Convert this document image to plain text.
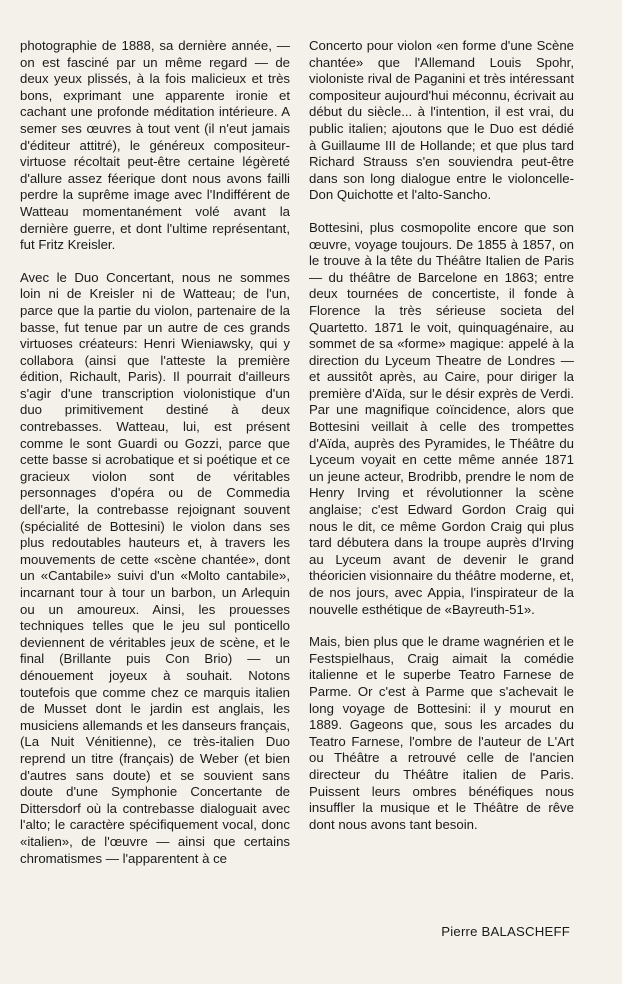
photographie de 1888, sa dernière année, — on est fasciné par un même regard — de deux yeux plissés, à la fois malicieux et très bons, exprimant une apparente ironie et cachant une profonde méditation intérieure. A semer ses œuvres à tout vent (il n'eut jamais d'éditeur attitré), le généreux compositeur-virtuose récoltait peut-être certaine légèreté d'allure assez féerique dont nous avons failli perdre la suprême image avec l'Indifférent de Watteau momentanément volé avant la dernière guerre, et dont l'ultime représentant, fut Fritz Kreisler.

Avec le Duo Concertant, nous ne sommes loin ni de Kreisler ni de Watteau; de l'un, parce que la partie du violon, partenaire de la basse, fut tenue par un autre de ces grands virtuoses créateurs: Henri Wieniawsky, qui y collabora (ainsi que l'atteste la première édition, Richault, Paris). Il pourrait d'ailleurs s'agir d'une transcription violonistique d'un duo primitivement destiné à deux contrebasses. Watteau, lui, est présent comme le sont Guardi ou Gozzi, parce que cette basse si acrobatique et si poétique et ce gracieux violon sont de véritables personnages d'opéra ou de Commedia dell'arte, la contrebasse rejoignant souvent (spécialité de Bottesini) le violon dans ses plus redoutables hauteurs et, à travers les mouvements de cette «scène chantée», dont un «Cantabile» suivi d'un «Molto cantabile», incarnant tour à tour un barbon, un Arlequin ou un amoureux. Ainsi, les prouesses techniques telles que le jeu sul ponticello deviennent de véritables jeux de scène, et le final (Brillante puis Con Brio) — un dénouement joyeux à souhait. Notons toutefois que comme chez ce marquis italien de Musset dont le jardin est anglais, les musiciens allemands et les danseurs français, (La Nuit Vénitienne), ce très-italien Duo reprend un titre (français) de Weber (et bien d'autres sans doute) et se souvient sans doute d'une Symphonie Concertante de Dittersdorf où la contrebasse dialoguait avec l'alto; le caractère spécifiquement vocal, donc «italien», de l'œuvre — ainsi que certains chromatismes — l'apparentent à ce

Concerto pour violon «en forme d'une Scène chantée» que l'Allemand Louis Spohr, violoniste rival de Paganini et très intéressant compositeur aujourd'hui méconnu, écrivait au début du siècle... à l'intention, il est vrai, du public italien; ajoutons que le Duo est dédié à Guillaume III de Hollande; et que plus tard Richard Strauss s'en souviendra peut-être dans son long dialogue entre le violoncelle-Don Quichotte et l'alto-Sancho.

Bottesini, plus cosmopolite encore que son œuvre, voyage toujours. De 1855 à 1857, on le trouve à la tête du Théâtre Italien de Paris — du théâtre de Barcelone en 1863; entre deux tournées de concertiste, il fonde à Florence la très sérieuse societa del Quartetto. 1871 le voit, quinquagénaire, au sommet de sa «forme» magique: appelé à la direction du Lyceum Theatre de Londres — et aussitôt après, au Caire, pour diriger la première d'Aïda, sur le désir exprès de Verdi. Par une magnifique coïncidence, alors que Bottesini veillait à celle des trompettes d'Aïda, auprès des Pyramides, le Théâtre du Lyceum voyait en cette même année 1871 un jeune acteur, Brodribb, prendre le nom de Henry Irving et révolutionner la scène anglaise; c'est Edward Gordon Craig qui nous le dit, ce même Gordon Craig qui plus tard débutera dans la troupe auprès d'Irving au Lyceum avant de devenir le grand théoricien visionnaire du théâtre moderne, et, de nos jours, avec Appia, l'inspirateur de la nouvelle esthétique de «Bayreuth-51».

Mais, bien plus que le drame wagnérien et le Festspielhaus, Craig aimait la comédie italienne et le superbe Teatro Farnese de Parme. Or c'est à Parme que s'achevait le long voyage de Bottesini: il y mourut en 1889. Gageons que, sous les arcades du Teatro Farnese, l'ombre de l'auteur de L'Art ou Théâtre a retrouvé celle de l'ancien directeur du Théâtre italien de Paris. Puissent leurs ombres bénéfiques nous insuffler la musique et le Théâtre de rêve dont nous avons tant besoin.

Pierre BALASCHEFF
